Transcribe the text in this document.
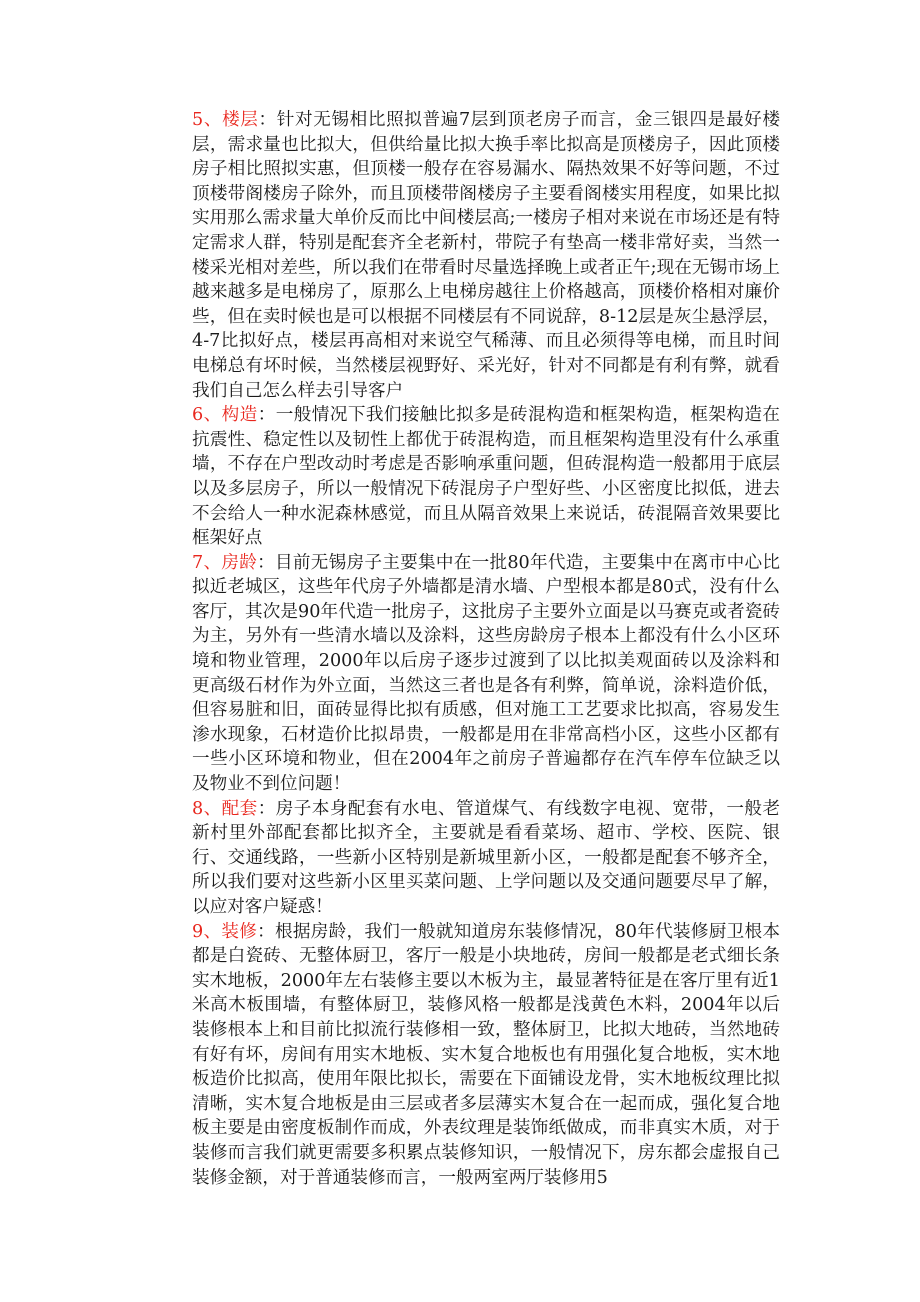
5、楼层：针对无锡相比照拟普遍7层到顶老房子而言，金三银四是最好楼层，需求量也比拟大，但供给量比拟大换手率比拟高是顶楼房子，因此顶楼房子相比照拟实惠，但顶楼一般存在容易漏水、隔热效果不好等问题，不过顶楼带阁楼房子除外，而且顶楼带阁楼房子主要看阁楼实用程度，如果比拟实用那么需求量大单价反而比中间楼层高;一楼房子相对来说在市场还是有特定需求人群，特别是配套齐全老新村，带院子有垫高一楼非常好卖，当然一楼采光相对差些，所以我们在带看时尽量选择晚上或者正午;现在无锡市场上越来越多是电梯房了，原那么上电梯房越往上价格越高，顶楼价格相对廉价些，但在卖时候也是可以根据不同楼层有不同说辞，8-12层是灰尘悬浮层，4-7比拟好点，楼层再高相对来说空气稀薄、而且必须得等电梯，而且时间电梯总有坏时候，当然楼层视野好、采光好，针对不同都是有利有弊，就看我们自己怎么样去引导客户

6、构造：一般情况下我们接触比拟多是砖混构造和框架构造，框架构造在抗震性、稳定性以及韧性上都优于砖混构造，而且框架构造里没有什么承重墙，不存在户型改动时考虑是否影响承重问题，但砖混构造一般都用于底层以及多层房子，所以一般情况下砖混房子户型好些、小区密度比拟低，进去不会给人一种水泥森林感觉，而且从隔音效果上来说话，砖混隔音效果要比框架好点

7、房龄：目前无锡房子主要集中在一批80年代造，主要集中在离市中心比拟近老城区，这些年代房子外墙都是清水墙、户型根本都是80式，没有什么客厅，其次是90年代造一批房子，这批房子主要外立面是以马赛克或者瓷砖为主，另外有一些清水墙以及涂料，这些房龄房子根本上都没有什么小区环境和物业管理，2000年以后房子逐步过渡到了以比拟美观面砖以及涂料和更高级石材作为外立面，当然这三者也是各有利弊，简单说，涂料造价低，但容易脏和旧，面砖显得比拟有质感，但对施工工艺要求比拟高，容易发生渗水现象，石材造价比拟昂贵，一般都是用在非常高档小区，这些小区都有一些小区环境和物业，但在2004年之前房子普遍都存在汽车停车位缺乏以及物业不到位问题！

8、配套：房子本身配套有水电、管道煤气、有线数字电视、宽带，一般老新村里外部配套都比拟齐全，主要就是看看菜场、超市、学校、医院、银行、交通线路，一些新小区特别是新城里新小区，一般都是配套不够齐全，所以我们要对这些新小区里买菜问题、上学问题以及交通问题要尽早了解，以应对客户疑惑！

9、装修：根据房龄，我们一般就知道房东装修情况，80年代装修厨卫根本都是白瓷砖、无整体厨卫，客厅一般是小块地砖，房间一般都是老式细长条实木地板，2000年左右装修主要以木板为主，最显著特征是在客厅里有近1米高木板围墙，有整体厨卫，装修风格一般都是浅黄色木料，2004年以后装修根本上和目前比拟流行装修相一致，整体厨卫，比拟大地砖，当然地砖有好有坏，房间有用实木地板、实木复合地板也有用强化复合地板，实木地板造价比拟高，使用年限比拟长，需要在下面铺设龙骨，实木地板纹理比拟清晰，实木复合地板是由三层或者多层薄实木复合在一起而成，强化复合地板主要是由密度板制作而成，外表纹理是装饰纸做成，而非真实木质，对于装修而言我们就更需要多积累点装修知识，一般情况下，房东都会虚报自己装修金额，对于普通装修而言，一般两室两厅装修用5
